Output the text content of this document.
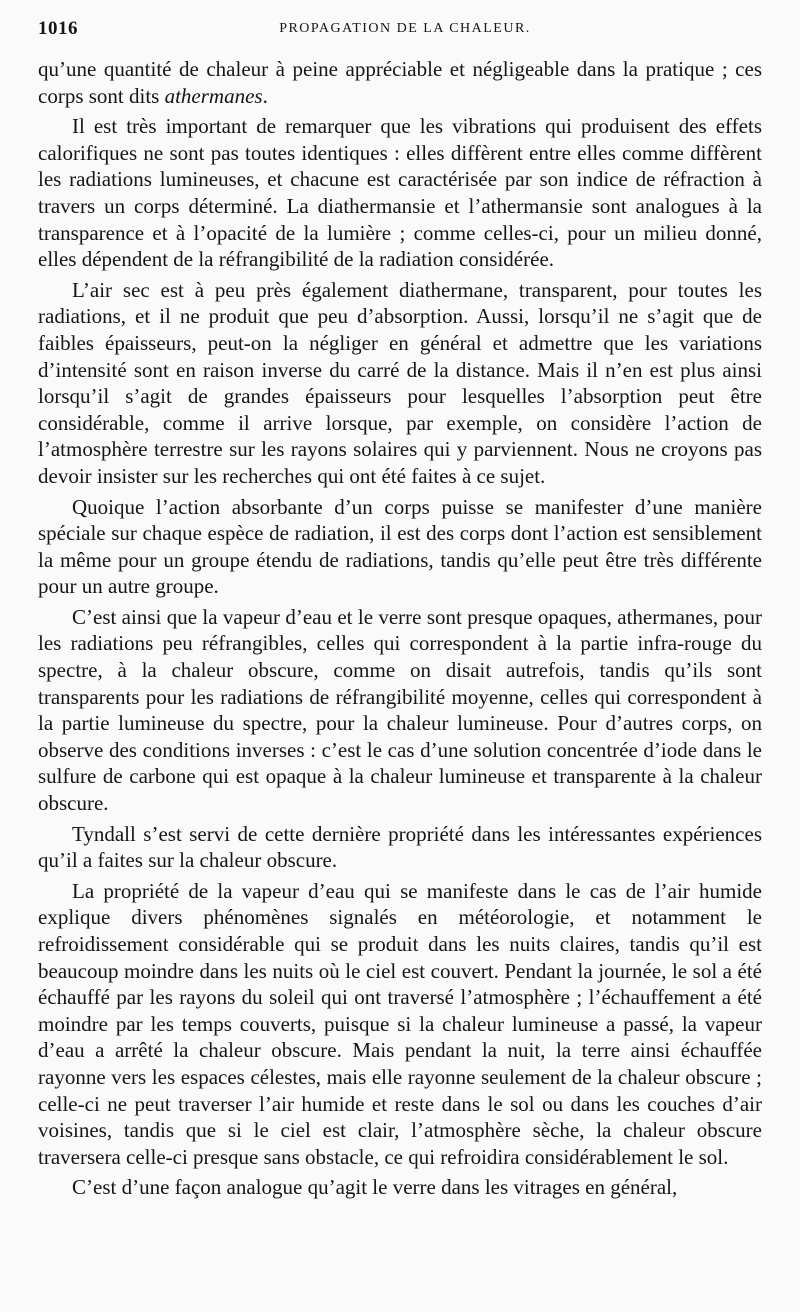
1016	PROPAGATION DE LA CHALEUR.

qu’une quantité de chaleur à peine appréciable et négligeable dans la pratique ; ces corps sont dits athermanes.

Il est très important de remarquer que les vibrations qui produisent des effets calorifiques ne sont pas toutes identiques : elles diffèrent entre elles comme diffèrent les radiations lumineuses, et chacune est caractérisée par son indice de réfraction à travers un corps déterminé. La diathermansie et l’athermansie sont analogues à la transparence et à l’opacité de la lumière ; comme celles-ci, pour un milieu donné, elles dépendent de la réfrangibilité de la radiation considérée.

L’air sec est à peu près également diathermane, transparent, pour toutes les radiations, et il ne produit que peu d’absorption. Aussi, lorsqu’il ne s’agit que de faibles épaisseurs, peut-on la négliger en général et admettre que les variations d’intensité sont en raison inverse du carré de la distance. Mais il n’en est plus ainsi lorsqu’il s’agit de grandes épaisseurs pour lesquelles l’absorption peut être considérable, comme il arrive lorsque, par exemple, on considère l’action de l’atmosphère terrestre sur les rayons solaires qui y parviennent. Nous ne croyons pas devoir insister sur les recherches qui ont été faites à ce sujet.

Quoique l’action absorbante d’un corps puisse se manifester d’une manière spéciale sur chaque espèce de radiation, il est des corps dont l’action est sensiblement la même pour un groupe étendu de radiations, tandis qu’elle peut être très différente pour un autre groupe.

C’est ainsi que la vapeur d’eau et le verre sont presque opaques, athermanes, pour les radiations peu réfrangibles, celles qui correspondent à la partie infra-rouge du spectre, à la chaleur obscure, comme on disait autrefois, tandis qu’ils sont transparents pour les radiations de réfrangibilité moyenne, celles qui correspondent à la partie lumineuse du spectre, pour la chaleur lumineuse. Pour d’autres corps, on observe des conditions inverses : c’est le cas d’une solution concentrée d’iode dans le sulfure de carbone qui est opaque à la chaleur lumineuse et transparente à la chaleur obscure.

Tyndall s’est servi de cette dernière propriété dans les intéressantes expériences qu’il a faites sur la chaleur obscure.

La propriété de la vapeur d’eau qui se manifeste dans le cas de l’air humide explique divers phénomènes signalés en météorologie, et notamment le refroidissement considérable qui se produit dans les nuits claires, tandis qu’il est beaucoup moindre dans les nuits où le ciel est couvert. Pendant la journée, le sol a été échauffé par les rayons du soleil qui ont traversé l’atmosphère ; l’échauffement a été moindre par les temps couverts, puisque si la chaleur lumineuse a passé, la vapeur d’eau a arrêté la chaleur obscure. Mais pendant la nuit, la terre ainsi échauffée rayonne vers les espaces célestes, mais elle rayonne seulement de la chaleur obscure ; celle-ci ne peut traverser l’air humide et reste dans le sol ou dans les couches d’air voisines, tandis que si le ciel est clair, l’atmosphère sèche, la chaleur obscure traversera celle-ci presque sans obstacle, ce qui refroidira considérablement le sol.

C’est d’une façon analogue qu’agit le verre dans les vitrages en général,
